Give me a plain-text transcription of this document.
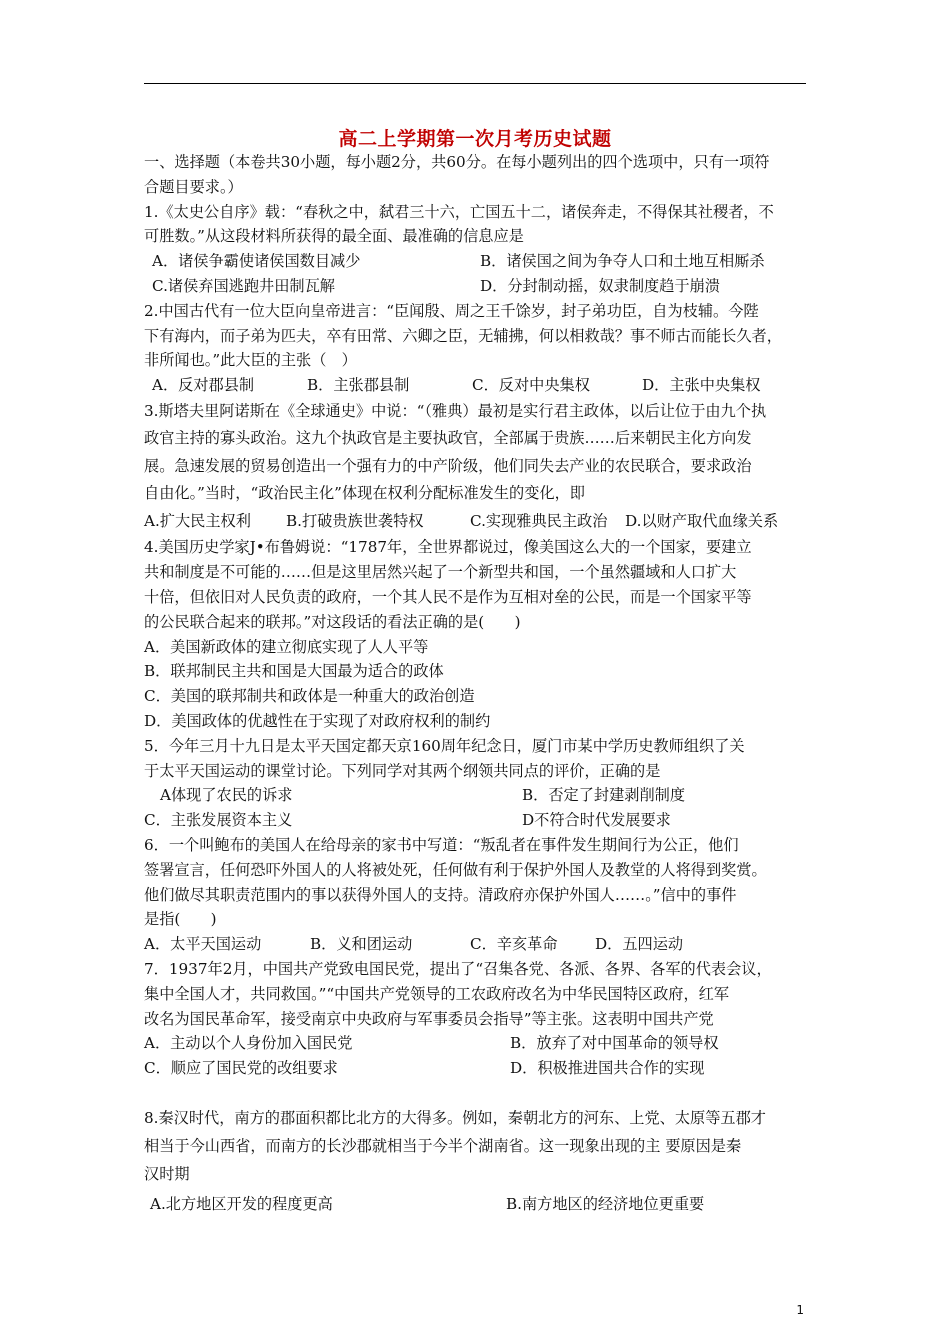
高二上学期第一次月考历史试题

一、选择题（本卷共30小题，每小题2分，共60分。在每小题列出的四个选项中，只有一项符

合题目要求。）

1.《太史公自序》载：“春秋之中，弑君三十六，亡国五十二，诸侯奔走，不得保其社稷者，不

可胜数。”从这段材料所获得的最全面、最准确的信息应是

A．诸侯争霸使诸侯国数目减少	B．诸侯国之间为争夺人口和土地互相厮杀
C.诸侯弃国逃跑井田制瓦解	D．分封制动摇，奴隶制度趋于崩溃

2.中国古代有一位大臣向皇帝进言：“臣闻殷、周之王千馀岁，封子弟功臣，自为枝辅。今陛

下有海内，而子弟为匹夫，卒有田常、六卿之臣，无辅拂，何以相救哉？事不师古而能长久者，

非所闻也。”此大臣的主张（　）

A．反对郡县制	B．主张郡县制	C．反对中央集权	D．主张中央集权

3.斯塔夫里阿诺斯在《全球通史》中说：“（雅典）最初是实行君主政体，以后让位于由九个执

政官主持的寡头政治。这九个执政官是主要执政官，全部属于贵族……后来朝民主化方向发

展。急速发展的贸易创造出一个强有力的中产阶级，他们同失去产业的农民联合，要求政治

自由化。”当时，“政治民主化”体现在权利分配标准发生的变化，即

A.扩大民主权利	B.打破贵族世袭特权	C.实现雅典民主政治	D.以财产取代血缘关系

4.美国历史学家J•布鲁姆说：“1787年，全世界都说过，像美国这么大的一个国家，要建立

共和制度是不可能的……但是这里居然兴起了一个新型共和国，一个虽然疆域和人口扩大

十倍，但依旧对人民负责的政府，一个其人民不是作为互相对垒的公民，而是一个国家平等

的公民联合起来的联邦。”对这段话的看法正确的是(　　)

A．美国新政体的建立彻底实现了人人平等

B．联邦制民主共和国是大国最为适合的政体

C．美国的联邦制共和政体是一种重大的政治创造

D．美国政体的优越性在于实现了对政府权利的制约

5．今年三月十九日是太平天国定都天京160周年纪念日，厦门市某中学历史教师组织了关

于太平天国运动的课堂讨论。下列同学对其两个纲领共同点的评价，正确的是

A体现了农民的诉求	B．否定了封建剥削制度
C．主张发展资本主义	D不符合时代发展要求

6．一个叫鲍布的美国人在给母亲的家书中写道：“叛乱者在事件发生期间行为公正，他们

签署宣言，任何恐吓外国人的人将被处死，任何做有利于保护外国人及教堂的人将得到奖赏。

他们做尽其职责范围内的事以获得外国人的支持。清政府亦保护外国人……。”信中的事件

是指(　　)

A．太平天国运动	B．义和团运动	C．辛亥革命	D．五四运动

7．1937年2月，中国共产党致电国民党，提出了“召集各党、各派、各界、各军的代表会议，

集中全国人才，共同救国。”“中国共产党领导的工农政府改名为中华民国特区政府，红军

改名为国民革命军，接受南京中央政府与军事委员会指导”等主张。这表明中国共产党

A．主动以个人身份加入国民党	B．放弃了对中国革命的领导权
C．顺应了国民党的改组要求	D．积极推进国共合作的实现

8.秦汉时代，南方的郡面积都比北方的大得多。例如，秦朝北方的河东、上党、太原等五郡才

相当于今山西省，而南方的长沙郡就相当于今半个湖南省。这一现象出现的主 要原因是秦

汉时期

A.北方地区开发的程度更高	B.南方地区的经济地位更重要
1
